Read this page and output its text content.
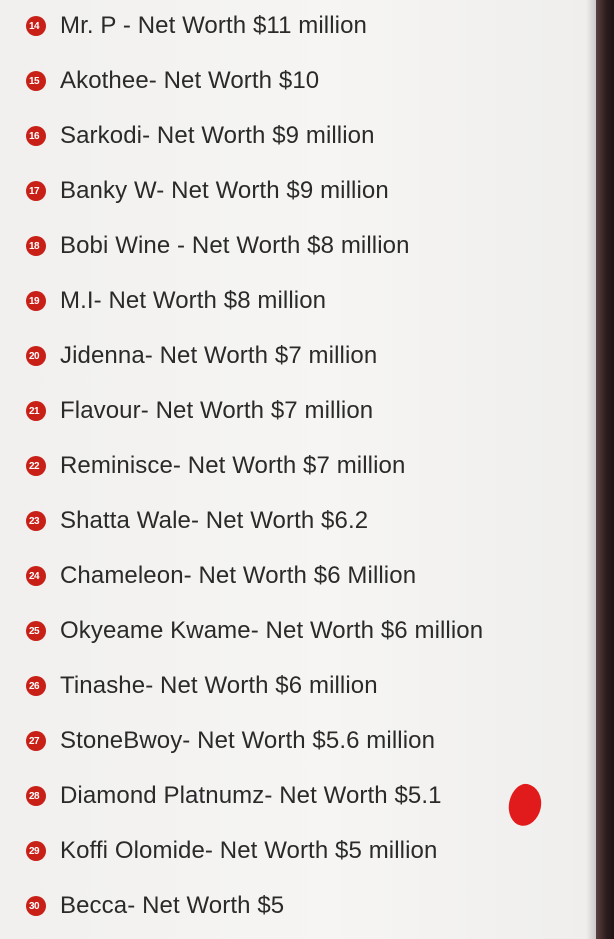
14 Mr. P - Net Worth $11 million
15 Akothee- Net Worth $10
16 Sarkodi- Net Worth $9 million
17 Banky W- Net Worth $9 million
18 Bobi Wine - Net Worth $8 million
19 M.I- Net Worth $8 million
20 Jidenna- Net Worth $7 million
21 Flavour- Net Worth $7 million
22 Reminisce- Net Worth $7 million
23 Shatta Wale- Net Worth $6.2
24 Chameleon- Net Worth $6 Million
25 Okyeame Kwame- Net Worth $6 million
26 Tinashe- Net Worth $6 million
27 StoneBwoy- Net Worth $5.6 million
28 Diamond Platnumz- Net Worth $5.1
29 Koffi Olomide- Net Worth $5 million
30 Becca- Net Worth $5
